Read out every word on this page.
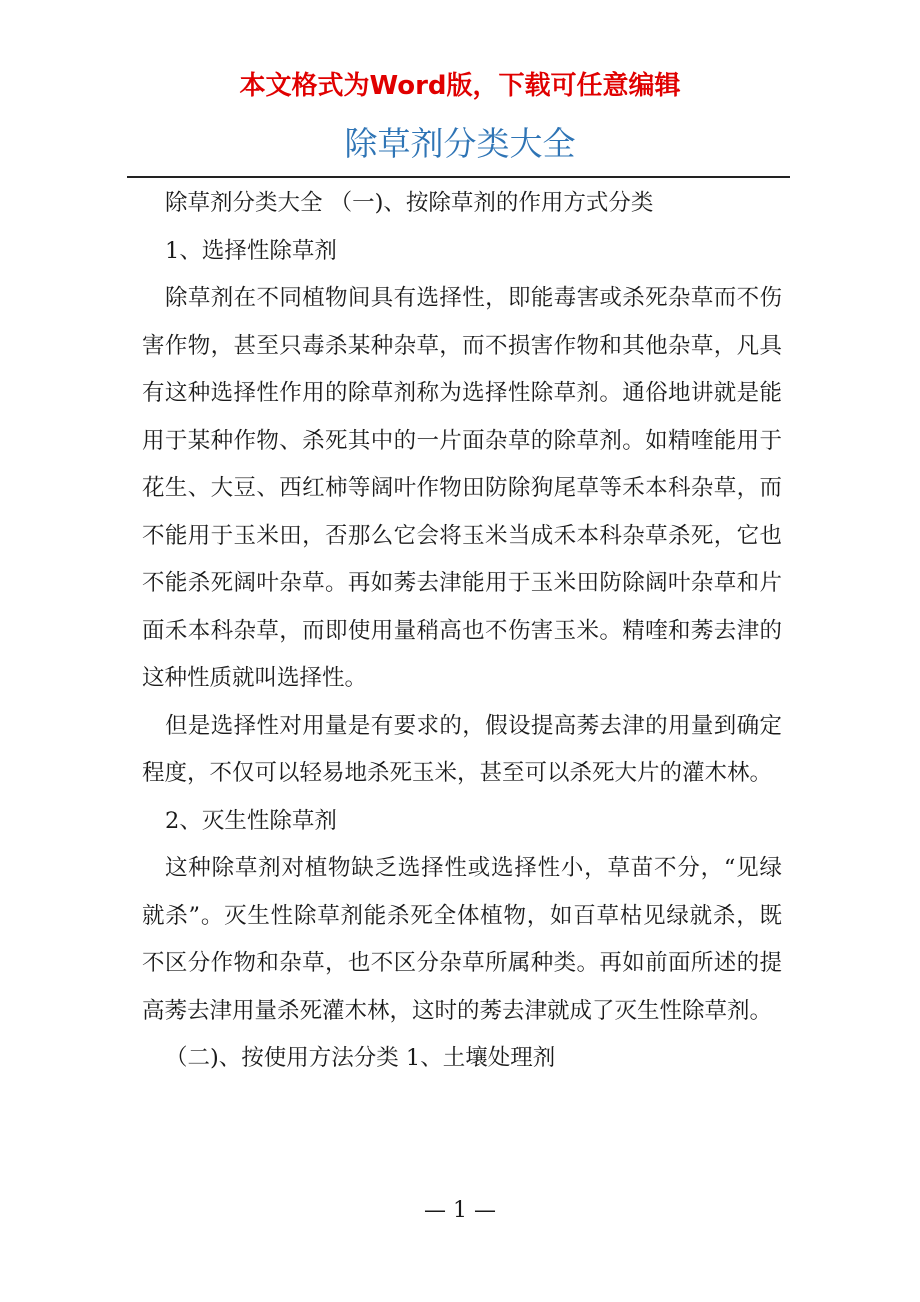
本文格式为Word版，下载可任意编辑
除草剂分类大全

除草剂分类大全 （一)、按除草剂的作用方式分类

1、选择性除草剂

除草剂在不同植物间具有选择性，即能毒害或杀死杂草而不伤害作物，甚至只毒杀某种杂草，而不损害作物和其他杂草，凡具有这种选择性作用的除草剂称为选择性除草剂。通俗地讲就是能用于某种作物、杀死其中的一片面杂草的除草剂。如精喹能用于花生、大豆、西红柿等阔叶作物田防除狗尾草等禾本科杂草，而不能用于玉米田，否那么它会将玉米当成禾本科杂草杀死，它也不能杀死阔叶杂草。再如莠去津能用于玉米田防除阔叶杂草和片面禾本科杂草，而即使用量稍高也不伤害玉米。精喹和莠去津的这种性质就叫选择性。

但是选择性对用量是有要求的，假设提高莠去津的用量到确定程度，不仅可以轻易地杀死玉米，甚至可以杀死大片的灌木林。

2、灭生性除草剂

这种除草剂对植物缺乏选择性或选择性小，草苗不分，“见绿就杀”。灭生性除草剂能杀死全体植物，如百草枯见绿就杀，既不区分作物和杂草，也不区分杂草所属种类。再如前面所述的提高莠去津用量杀死灌木林，这时的莠去津就成了灭生性除草剂。

（二)、按使用方法分类 1、土壤处理剂

— 1 —
